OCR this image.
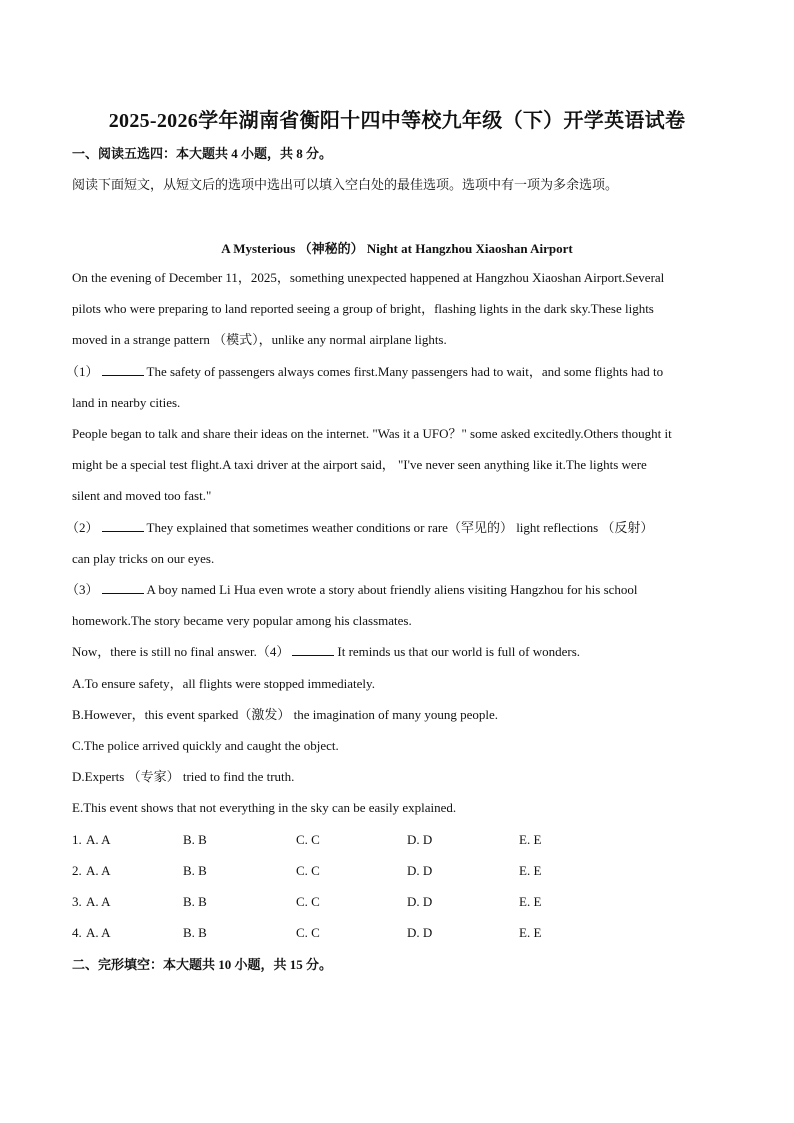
2025-2026学年湖南省衡阳十四中等校九年级（下）开学英语试卷
一、阅读五选四：本大题共 4 小题，共 8 分。
阅读下面短文，从短文后的选项中选出可以填入空白处的最佳选项。选项中有一项为多余选项。
A Mysterious （神秘的） Night at Hangzhou Xiaoshan Airport
On the evening of December 11，2025，something unexpected happened at Hangzhou Xiaoshan Airport.Several
pilots who were preparing to land reported seeing a group of bright，flashing lights in the dark sky.These lights
moved in a strange pattern （模式），unlike any normal airplane lights.
（1）	The safety of passengers always comes first.Many passengers had to wait，and some flights had to
land in nearby cities.
People began to talk and share their ideas on the internet. "Was it a UFO？" some asked excitedly.Others thought it
might be a special test flight.A taxi driver at the airport said， "I've never seen anything like it.The lights were
silent and moved too fast."
（2）	They explained that sometimes weather conditions or rare（罕见的） light reflections （反射）
can play tricks on our eyes.
（3）	A boy named Li Hua even wrote a story about friendly aliens visiting Hangzhou for his school
homework.The story became very popular among his classmates.
Now，there is still no final answer.（4）	It reminds us that our world is full of wonders.
A.To ensure safety，all flights were stopped immediately.
B.However，this event sparked（激发） the imagination of many young people.
C.The police arrived quickly and caught the object.
D.Experts （专家） tried to find the truth.
E.This event shows that not everything in the sky can be easily explained.
1. A. A	B. B	C. C	D. D	E. E
2. A. A	B. B	C. C	D. D	E. E
3. A. A	B. B	C. C	D. D	E. E
4. A. A	B. B	C. C	D. D	E. E
二、完形填空：本大题共 10 小题，共 15 分。
